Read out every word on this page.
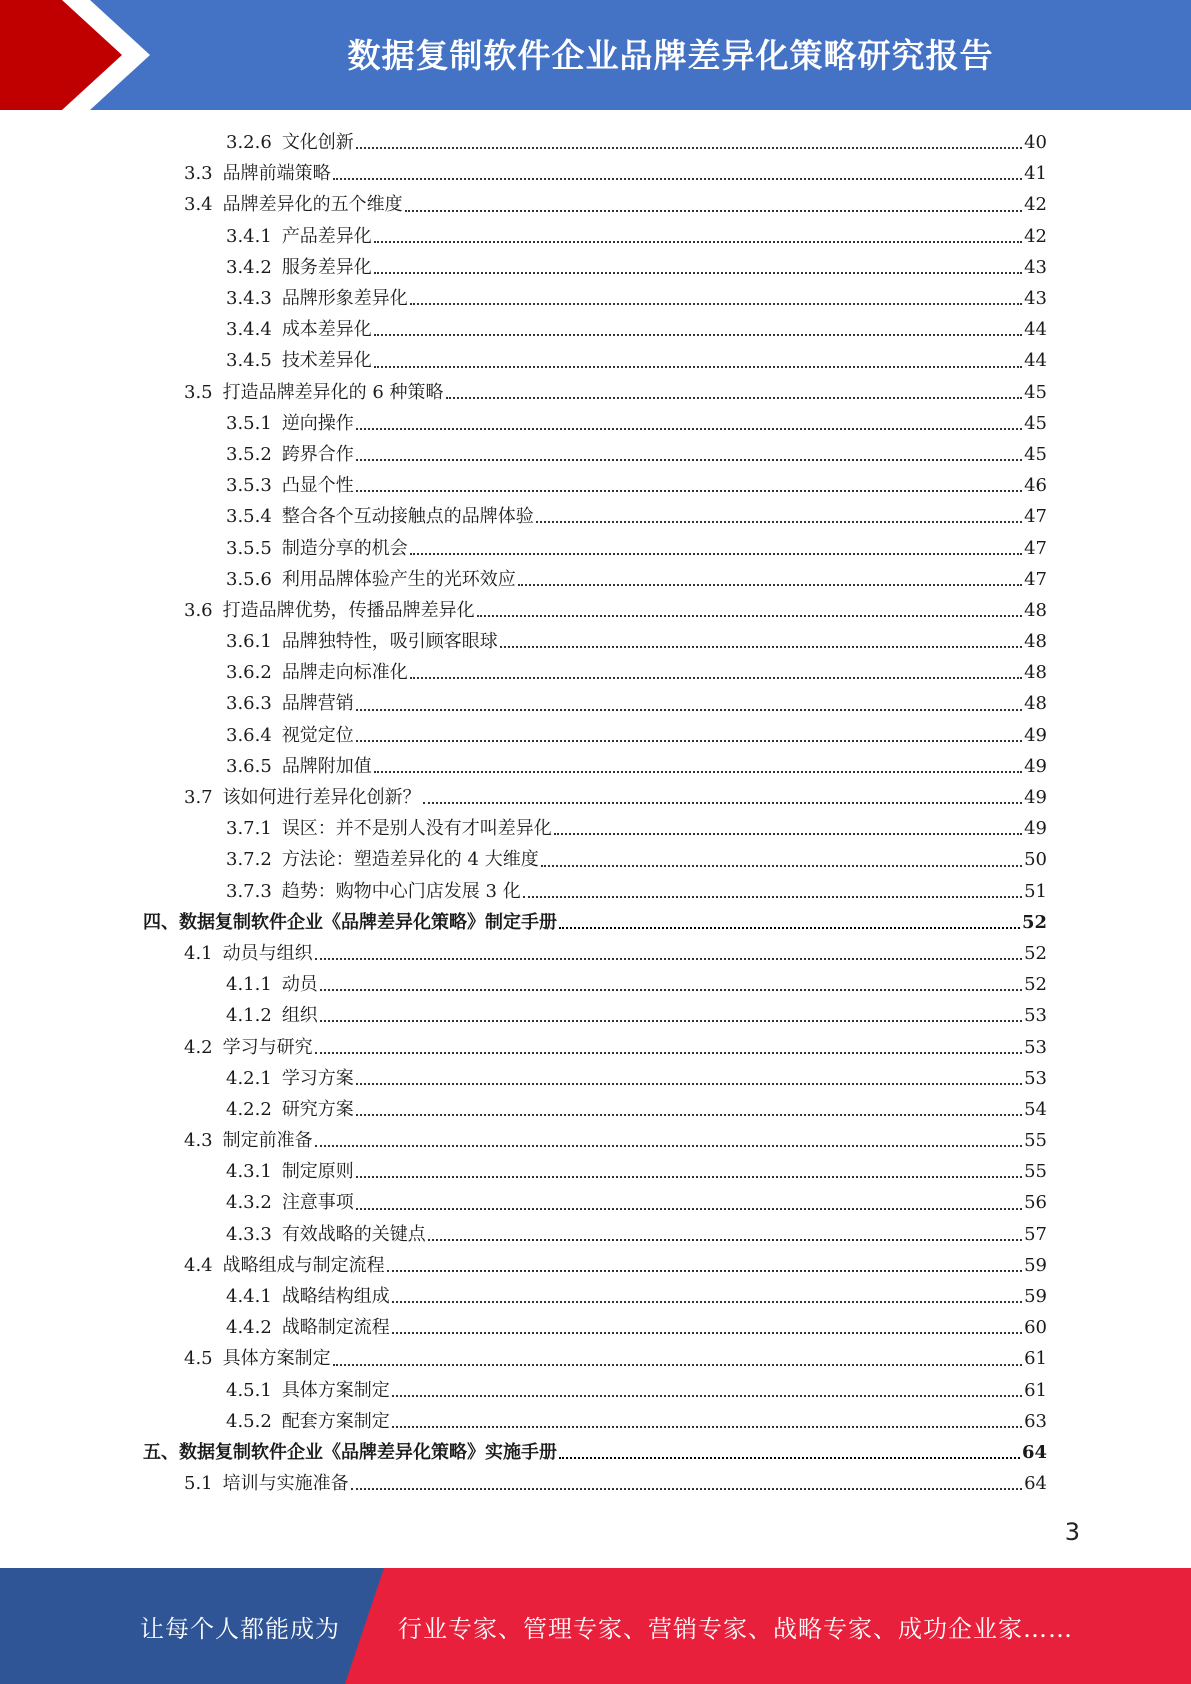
数据复制软件企业品牌差异化策略研究报告
3.2.6 文化创新	40
3.3 品牌前端策略	41
3.4 品牌差异化的五个维度	42
3.4.1 产品差异化	42
3.4.2 服务差异化	43
3.4.3 品牌形象差异化	43
3.4.4 成本差异化	44
3.4.5 技术差异化	44
3.5 打造品牌差异化的 6 种策略	45
3.5.1 逆向操作	45
3.5.2 跨界合作	45
3.5.3 凸显个性	46
3.5.4 整合各个互动接触点的品牌体验	47
3.5.5 制造分享的机会	47
3.5.6 利用品牌体验产生的光环效应	47
3.6 打造品牌优势，传播品牌差异化	48
3.6.1 品牌独特性，吸引顾客眼球	48
3.6.2 品牌走向标准化	48
3.6.3 品牌营销	48
3.6.4 视觉定位	49
3.6.5 品牌附加值	49
3.7 该如何进行差异化创新？	49
3.7.1 误区：并不是别人没有才叫差异化	49
3.7.2 方法论：塑造差异化的 4 大维度	50
3.7.3 趋势：购物中心门店发展 3 化	51
四、数据复制软件企业《品牌差异化策略》制定手册	52
4.1 动员与组织	52
4.1.1 动员	52
4.1.2 组织	53
4.2 学习与研究	53
4.2.1 学习方案	53
4.2.2 研究方案	54
4.3 制定前准备	55
4.3.1 制定原则	55
4.3.2 注意事项	56
4.3.3 有效战略的关键点	57
4.4 战略组成与制定流程	59
4.4.1 战略结构组成	59
4.4.2 战略制定流程	60
4.5 具体方案制定	61
4.5.1 具体方案制定	61
4.5.2 配套方案制定	63
五、数据复制软件企业《品牌差异化策略》实施手册	64
5.1 培训与实施准备	64
3
让每个人都能成为 行业专家、管理专家、营销专家、战略专家、成功企业家……
